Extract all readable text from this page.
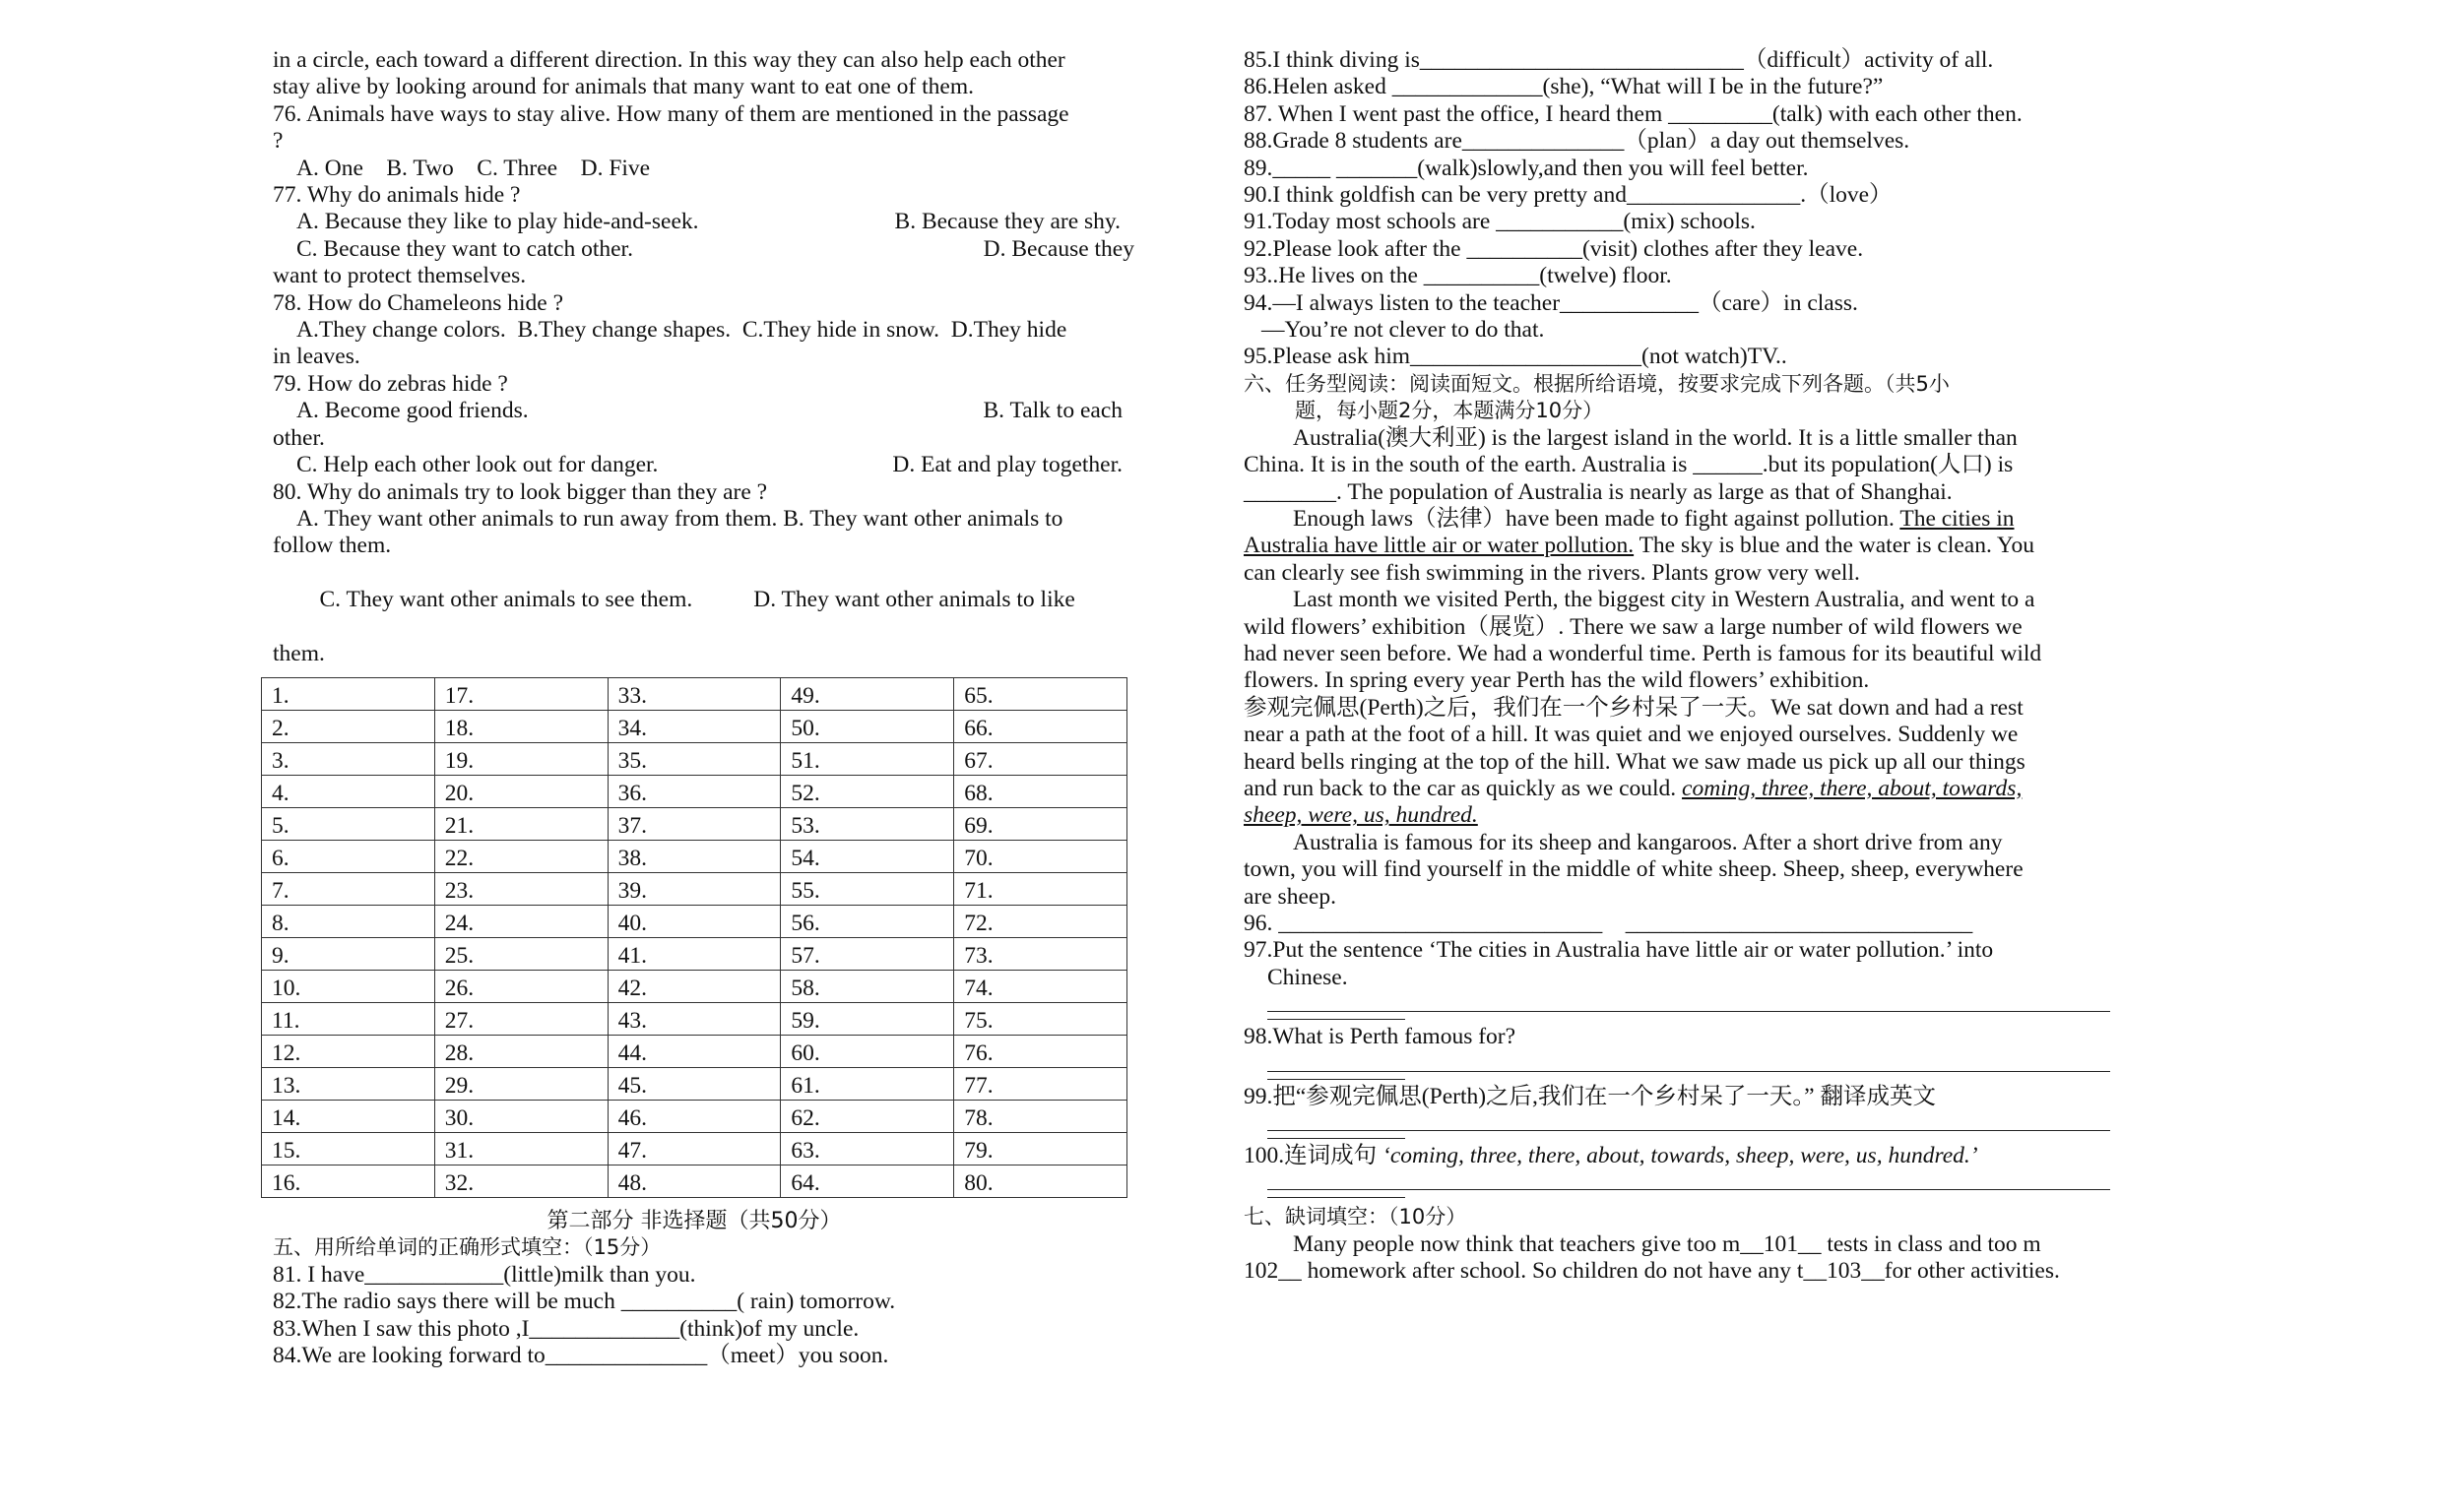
in a circle, each toward a different direction. In this way they can also help each other
stay alive by looking around for animals that many want to eat one of them.
76. Animals have ways to stay alive. How many of them are mentioned in the passage
?
A. One    B. Two    C. Three    D. Five
77. Why do animals hide ?
A. Because they like to play hide-and-seek.	B. Because they are shy.
C. Because they want to catch other.	D. Because they
want to protect themselves.
78. How do Chameleons hide ?
A.They change colors.  B.They change shapes.  C.They hide in snow.  D.They hide
in leaves.
79. How do zebras hide ?
A. Become good friends.	B. Talk to each
other.
C. Help each other look out for danger.	D. Eat and play together.
80. Why do animals try to look bigger than they are ?
A. They want other animals to run away from them. B. They want other animals to
follow them.

C. They want other animals to see them.	D. They want other animals to like

them.
1.	17.	33.	49.	65.
2.	18.	34.	50.	66.
3.	19.	35.	51.	67.
4.	20.	36.	52.	68.
5.	21.	37.	53.	69.
6.	22.	38.	54.	70.
7.	23.	39.	55.	71.
8.	24.	40.	56.	72.
9.	25.	41.	57.	73.
10.	26.	42.	58.	74.
11.	27.	43.	59.	75.
12.	28.	44.	60.	76.
13.	29.	45.	61.	77.
14.	30.	46.	62.	78.
15.	31.	47.	63.	79.
16.	32.	48.	64.	80.
第二部分 非选择题（共50分）
五、用所给单词的正确形式填空：（15分）
81. I have____________(little)milk than you.
82.The radio says there will be much __________( rain) tomorrow.
83.When I saw this photo ,I_____________(think)of my uncle.
84.We are looking forward to______________（meet）you soon.
85.I think diving is____________________________（difficult）activity of all.
86.Helen asked _____________(she), “What will I be in the future?”
87. When I went past the office, I heard them _________(talk) with each other then.
88.Grade 8 students are______________（plan）a day out themselves.
89._____ _______(walk)slowly,and then you will feel better.
90.I think goldfish can be very pretty and_______________.（love）
91.Today most schools are ___________(mix) schools.
92.Please look after the __________(visit) clothes after they leave.
93..He lives on the __________(twelve) floor.
94.—I always listen to the teacher____________（care）in class.
—You’re not clever to do that.
95.Please ask him____________________(not watch)TV..
六、任务型阅读：阅读面短文。根据所给语境，按要求完成下列各题。（共5小
题，每小题2分，本题满分10分）
Australia(澳大利亚) is the largest island in the world. It is a little smaller than
China. It is in the south of the earth. Australia is ______.but its population(人口) is
________. The population of Australia is nearly as large as that of Shanghai.
Enough laws（法律）have been made to fight against pollution. The cities in
Australia have little air or water pollution. The sky is blue and the water is clean. You
can clearly see fish swimming in the rivers. Plants grow very well.
Last month we visited Perth, the biggest city in Western Australia, and went to a
wild flowers’ exhibition（展览）. There we saw a large number of wild flowers we
had never seen before. We had a wonderful time. Perth is famous for its beautiful wild
flowers. In spring every year Perth has the wild flowers’ exhibition.
参观完佩思(Perth)之后，我们在一个乡村呆了一天。We sat down and had a rest
near a path at the foot of a hill. It was quiet and we enjoyed ourselves. Suddenly we
heard bells ringing at the top of the hill. What we saw made us pick up all our things
and run back to the car as quickly as we could. coming, three, there, about, towards,
sheep, were, us, hundred.
Australia is famous for its sheep and kangaroos. After a short drive from any
town, you will find yourself in the middle of white sheep. Sheep, sheep, everywhere
are sheep.
96. ____________________________    ______________________________
97.Put the sentence ‘The cities in Australia have little air or water pollution.’ into
Chinese.
98.What is Perth famous for?
99.把“参观完佩思(Perth)之后,我们在一个乡村呆了一天。” 翻译成英文
100.连词成句 ‘coming, three, there, about, towards, sheep, were, us, hundred.’
七、缺词填空：（10分）
Many people now think that teachers give too m__101__ tests in class and too m
102__ homework after school. So children do not have any t__103__for other activities.
